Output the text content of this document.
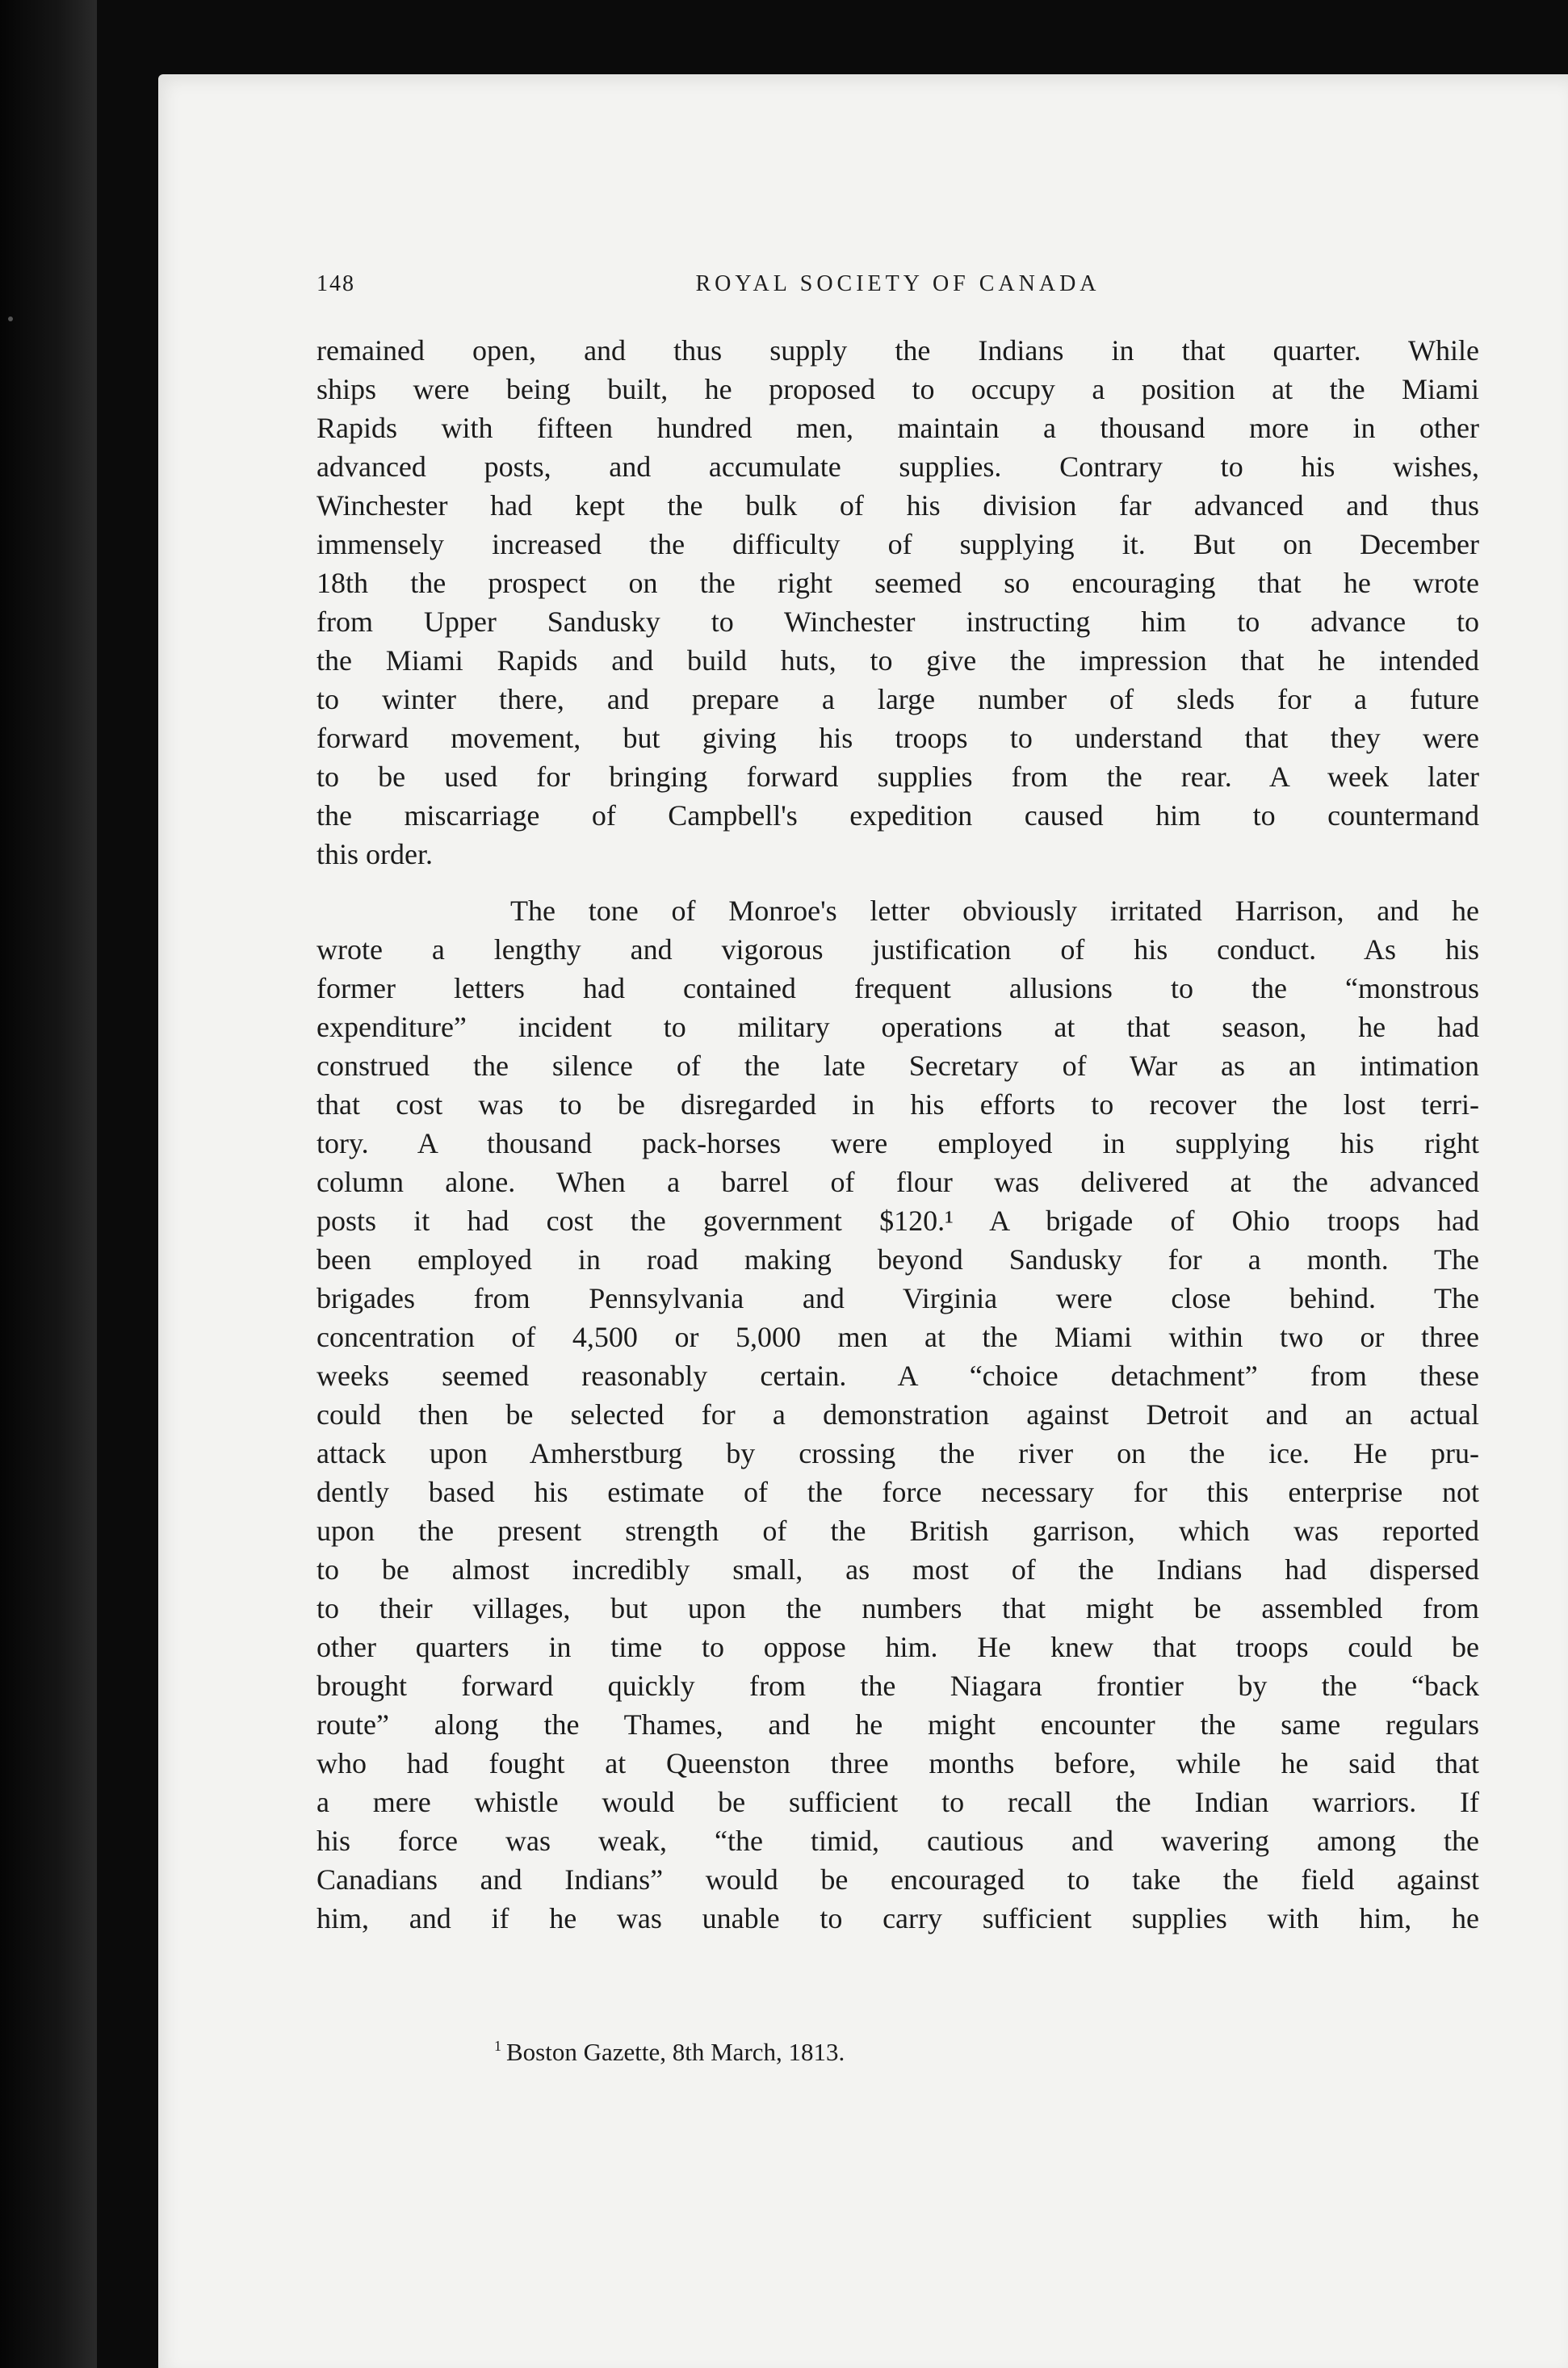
148	ROYAL SOCIETY OF CANADA
remained open, and thus supply the Indians in that quarter. While
ships were being built, he proposed to occupy a position at the Miami
Rapids with fifteen hundred men, maintain a thousand more in other
advanced posts, and accumulate supplies. Contrary to his wishes,
Winchester had kept the bulk of his division far advanced and thus
immensely increased the difficulty of supplying it. But on December
18th the prospect on the right seemed so encouraging that he wrote
from Upper Sandusky to Winchester instructing him to advance to
the Miami Rapids and build huts, to give the impression that he intended
to winter there, and prepare a large number of sleds for a future
forward movement, but giving his troops to understand that they were
to be used for bringing forward supplies from the rear. A week later
the miscarriage of Campbell's expedition caused him to countermand
this order.
The tone of Monroe's letter obviously irritated Harrison, and he
wrote a lengthy and vigorous justification of his conduct. As his
former letters had contained frequent allusions to the “monstrous
expenditure” incident to military operations at that season, he had
construed the silence of the late Secretary of War as an intimation
that cost was to be disregarded in his efforts to recover the lost terri-
tory. A thousand pack-horses were employed in supplying his right
column alone. When a barrel of flour was delivered at the advanced
posts it had cost the government $120.¹ A brigade of Ohio troops had
been employed in road making beyond Sandusky for a month. The
brigades from Pennsylvania and Virginia were close behind. The
concentration of 4,500 or 5,000 men at the Miami within two or three
weeks seemed reasonably certain. A “choice detachment” from these
could then be selected for a demonstration against Detroit and an actual
attack upon Amherstburg by crossing the river on the ice. He pru-
dently based his estimate of the force necessary for this enterprise not
upon the present strength of the British garrison, which was reported
to be almost incredibly small, as most of the Indians had dispersed
to their villages, but upon the numbers that might be assembled from
other quarters in time to oppose him. He knew that troops could be
brought forward quickly from the Niagara frontier by the “back
route” along the Thames, and he might encounter the same regulars
who had fought at Queenston three months before, while he said that
a mere whistle would be sufficient to recall the Indian warriors. If
his force was weak, “the timid, cautious and wavering among the
Canadians and Indians” would be encouraged to take the field against
him, and if he was unable to carry sufficient supplies with him, he
$^1$ Boston Gazette, 8th March, 1813.
